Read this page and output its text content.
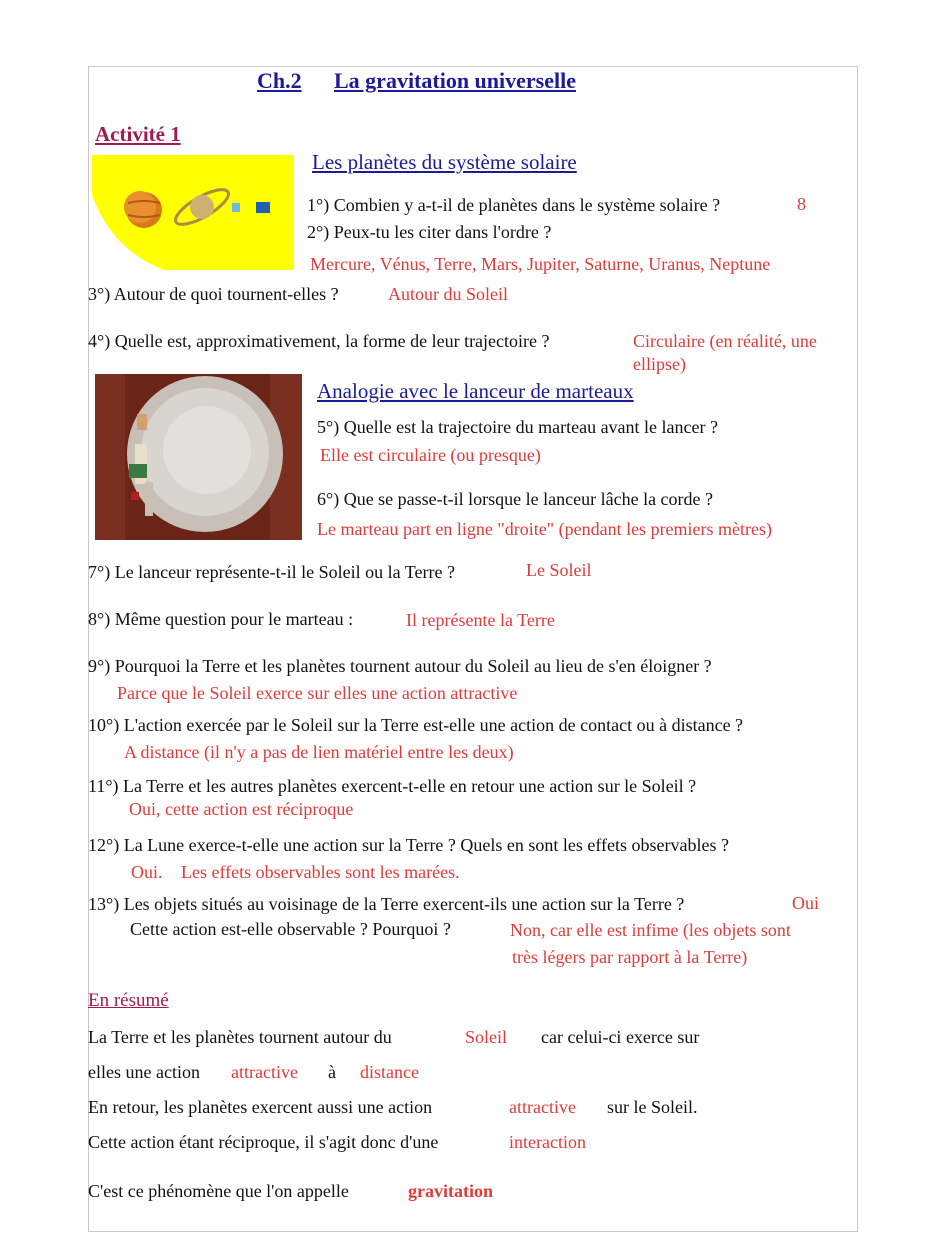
Ch.2 La gravitation universelle
Activité 1
Les planètes du système solaire
1°) Combien y a-t-il de planètes dans le système solaire ?	8
2°) Peux-tu les citer dans l'ordre ?
Mercure, Vénus, Terre, Mars, Jupiter, Saturne, Uranus, Neptune
3°) Autour de quoi tournent-elles ?	Autour du Soleil
4°) Quelle est, approximativement, la forme de leur trajectoire ?	Circulaire (en réalité, une
ellipse)
Analogie avec le lanceur de marteaux
5°) Quelle est la trajectoire du marteau avant le lancer ?
Elle est circulaire (ou presque)
6°) Que se passe-t-il lorsque le lanceur lâche la corde ?
Le marteau part en ligne "droite" (pendant les premiers mètres)
7°) Le lanceur représente-t-il le Soleil ou la Terre ?	Le Soleil
8°) Même question pour le marteau :	Il représente la Terre
9°) Pourquoi la Terre et les planètes tournent autour du Soleil au lieu de s'en éloigner ?
Parce que le Soleil exerce sur elles une action attractive
10°) L'action exercée par le Soleil sur la Terre est-elle une action de contact ou à distance ?
A distance (il n'y a pas de lien matériel entre les deux)
11°) La Terre et les autres planètes exercent-t-elle en retour une action sur le Soleil ?
Oui, cette action est réciproque
12°) La Lune exerce-t-elle une action sur la Terre ? Quels en sont les effets observables ?
Oui. Les effets observables sont les marées.
13°) Les objets situés au voisinage de la Terre exercent-ils une action sur la Terre ?	Oui
Cette action est-elle observable ? Pourquoi ?	Non, car elle est infime (les objets sont
très légers par rapport à la Terre)
En résumé
La Terre et les planètes tournent autour du	Soleil car celui-ci exerce sur
elles une action attractive à distance
En retour, les planètes exercent aussi une action	attractive sur le Soleil.
Cette action étant réciproque, il s'agit donc d'une	interaction
C'est ce phénomène que l'on appelle	gravitation
